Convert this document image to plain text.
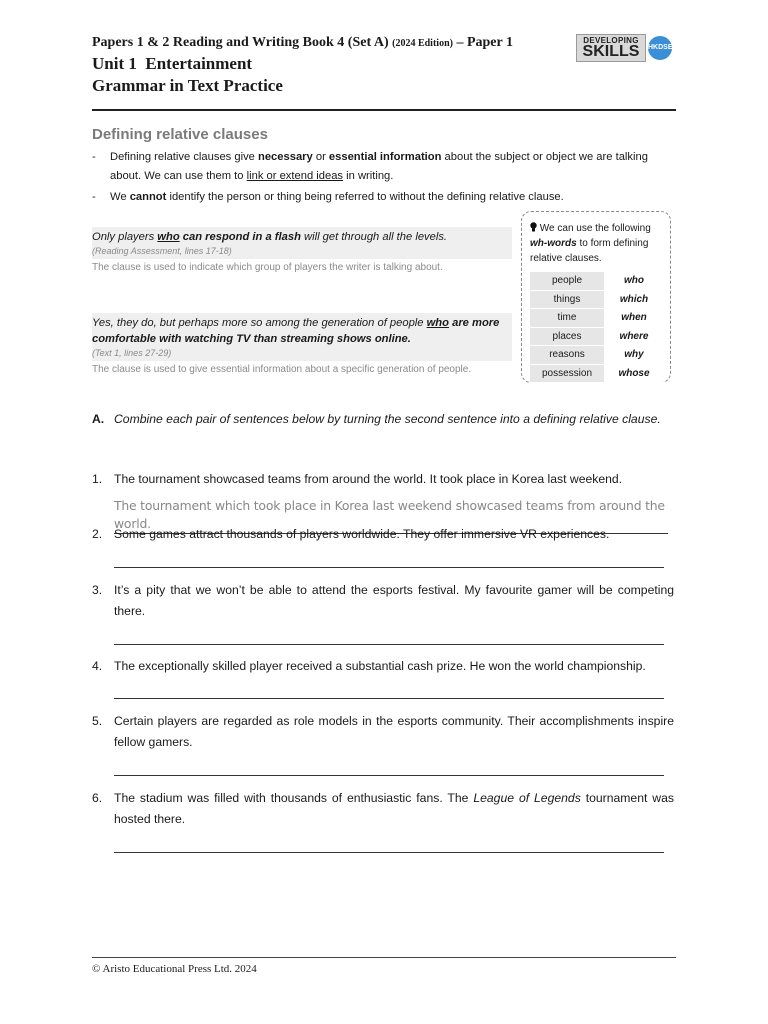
Papers 1 & 2 Reading and Writing Book 4 (Set A) (2024 Edition) – Paper 1
Unit 1  Entertainment
Grammar in Text Practice
DEVELOPING
SKILLS	HKDSE
Defining relative clauses
- Defining relative clauses give necessary or essential information about the subject or object we are talking about. We can use them to link or extend ideas in writing.
- We cannot identify the person or thing being referred to without the defining relative clause.
Only players who can respond in a flash will get through all the levels.
(Reading Assessment, lines 17-18)
The clause is used to indicate which group of players the writer is talking about.
Yes, they do, but perhaps more so among the generation of people who are more comfortable with watching TV than streaming shows online.
(Text 1, lines 27-29)
The clause is used to give essential information about a specific generation of people.
We can use the following wh-words to form defining relative clauses.
people	who
things	which
time	when
places	where
reasons	why
possession	whose
A. Combine each pair of sentences below by turning the second sentence into a defining relative clause.
1. The tournament showcased teams from around the world. It took place in Korea last weekend.
The tournament which took place in Korea last weekend showcased teams from around the world.
2. Some games attract thousands of players worldwide. They offer immersive VR experiences.
3. It’s a pity that we won’t be able to attend the esports festival. My favourite gamer will be competing there.
4. The exceptionally skilled player received a substantial cash prize. He won the world championship.
5. Certain players are regarded as role models in the esports community. Their accomplishments inspire fellow gamers.
6. The stadium was filled with thousands of enthusiastic fans. The League of Legends tournament was hosted there.
© Aristo Educational Press Ltd. 2024
